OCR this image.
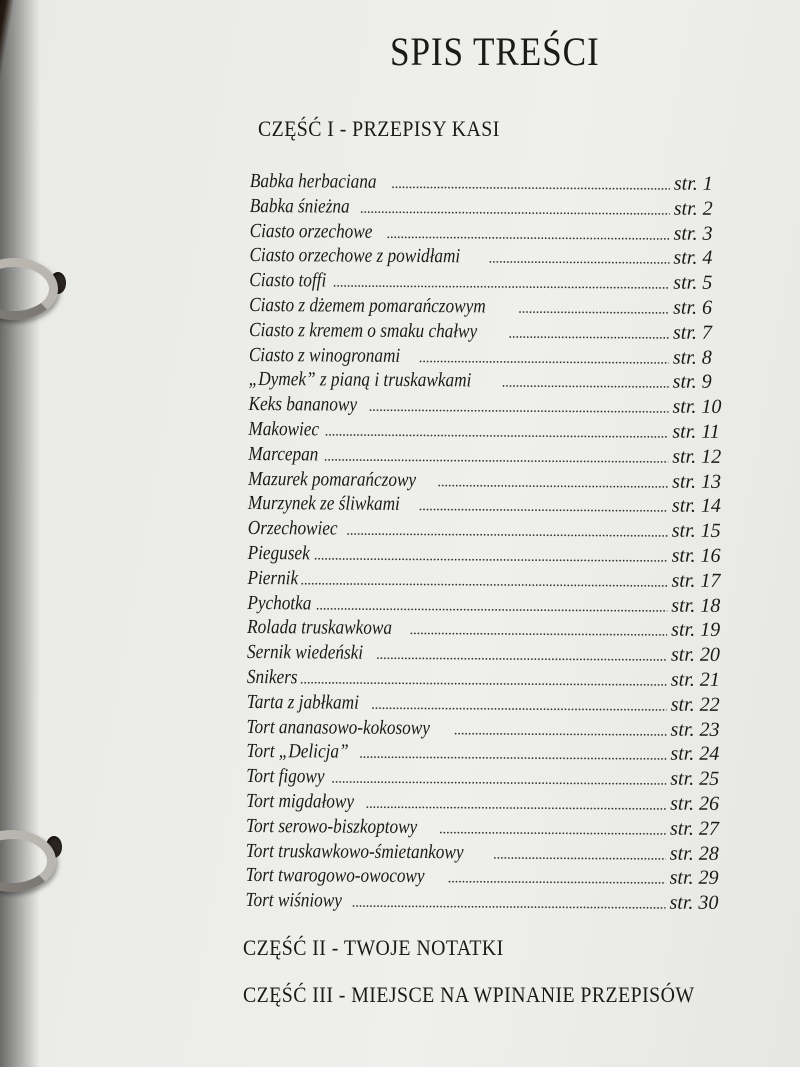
SPIS TREŚCI
CZĘŚĆ I - PRZEPISY KASI
Babka herbaciana . . .	str. 1
Babka śnieżna . . .	str. 2
Ciasto orzechowe . . .	str. 3
Ciasto orzechowe z powidłami . . .	str. 4
Ciasto toffi . . .	str. 5
Ciasto z dżemem pomarańczowym . . .	str. 6
Ciasto z kremem o smaku chałwy . . .	str. 7
Ciasto z winogronami . . .	str. 8
„Dymek” z pianą i truskawkami . . .	str. 9
Keks bananowy . . .	str. 10
Makowiec . . .	str. 11
Marcepan . . .	str. 12
Mazurek pomarańczowy . . .	str. 13
Murzynek ze śliwkami . . .	str. 14
Orzechowiec . . .	str. 15
Piegusek . . .	str. 16
Piernik . . .	str. 17
Pychotka . . .	str. 18
Rolada truskawkowa . . .	str. 19
Sernik wiedeński . . .	str. 20
Snikers . . .	str. 21
Tarta z jabłkami . . .	str. 22
Tort ananasowo-kokosowy . . .	str. 23
Tort „Delicja” . . .	str. 24
Tort figowy . . .	str. 25
Tort migdałowy . . .	str. 26
Tort serowo-biszkoptowy . . .	str. 27
Tort truskawkowo-śmietankowy . . .	str. 28
Tort twarogowo-owocowy . . .	str. 29
Tort wiśniowy . . .	str. 30
CZĘŚĆ II - TWOJE NOTATKI
CZĘŚĆ III - MIEJSCE NA WPINANIE PRZEPISÓW
